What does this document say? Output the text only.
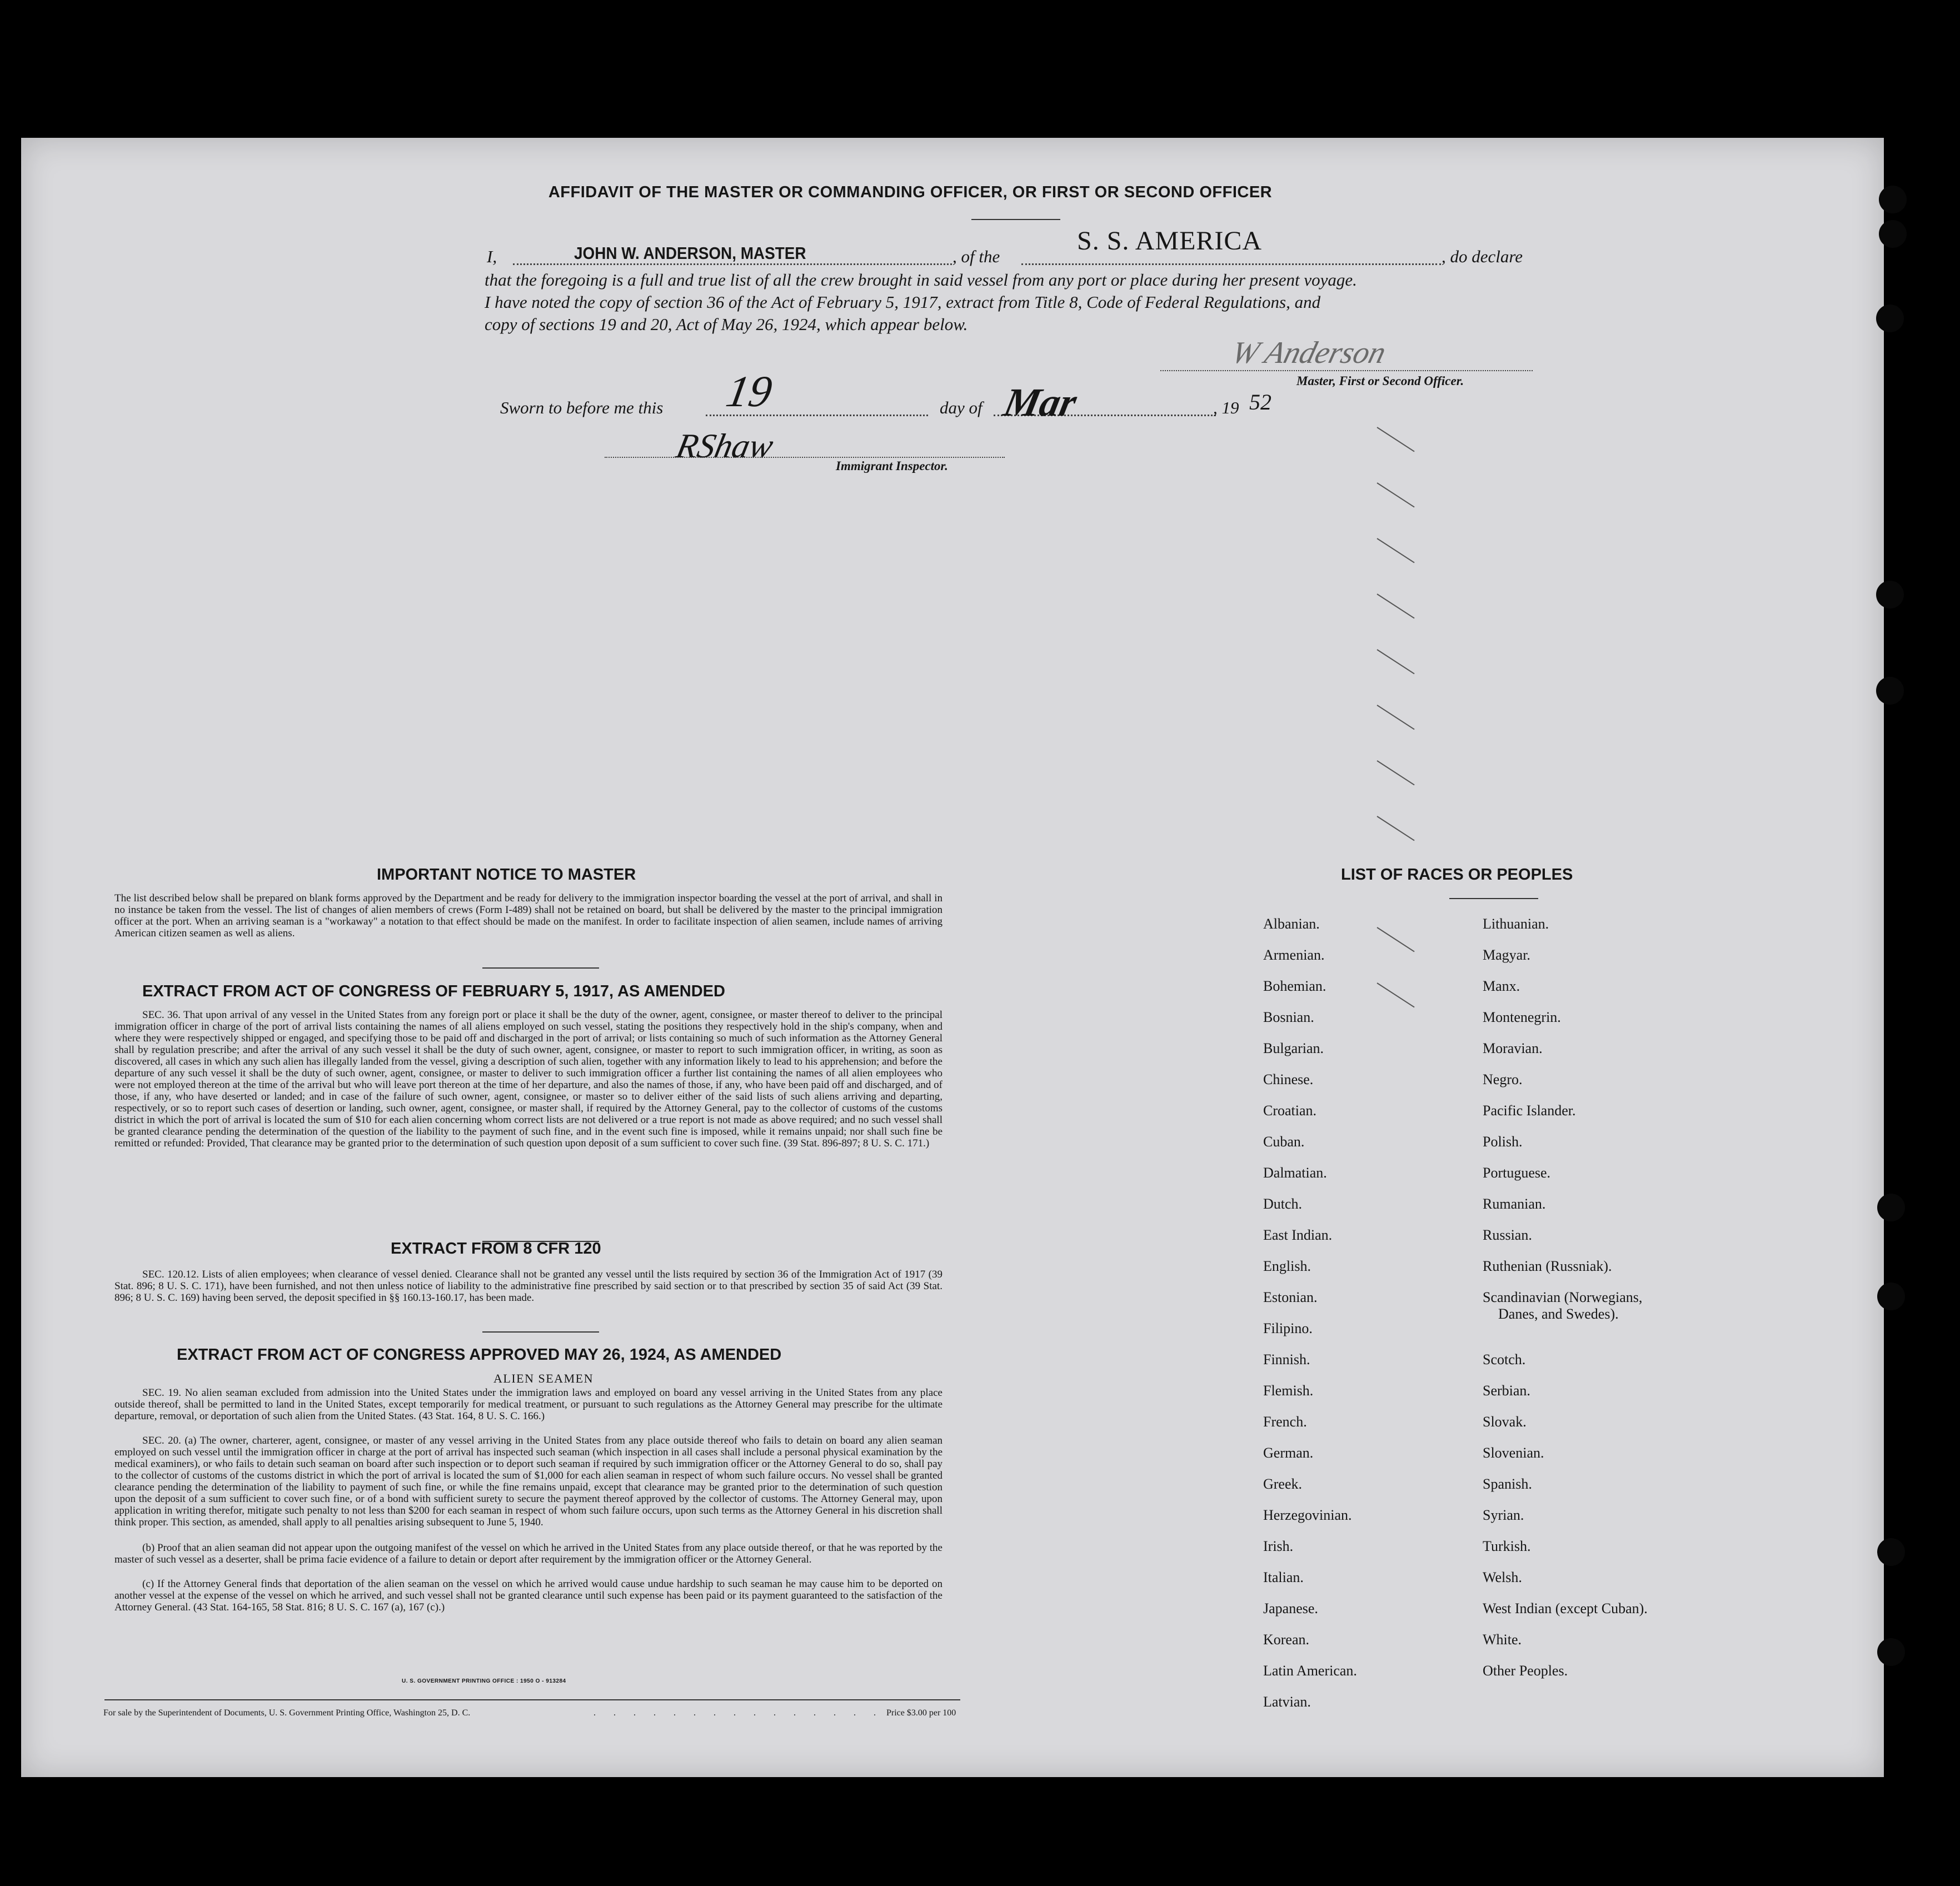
AFFIDAVIT OF THE MASTER OR COMMANDING OFFICER, OR FIRST OR SECOND OFFICER
I,	JOHN W. ANDERSON, MASTER	, of the
S. S. AMERICA
, do declare
that the foregoing is a full and true list of all the crew brought in said vessel from any port or place during her present voyage.
I have noted the copy of section 36 of the Act of February 5, 1917, extract from Title 8, Code of Federal Regulations, and
copy of sections 19 and 20, Act of May 26, 1924, which appear below.
W Anderson
Master, First or Second Officer.
Sworn to before me this 19	day of Mar	, 19 52
RShaw
Immigrant Inspector.
IMPORTANT NOTICE TO MASTER
The list described below shall be prepared on blank forms approved by the Department and be ready for delivery to the immigration inspector boarding the vessel at the port of arrival, and shall in no instance be taken from the vessel. The list of changes of alien members of crews (Form I-489) shall not be retained on board, but shall be delivered by the master to the principal immigration officer at the port. When an arriving seaman is a "workaway" a notation to that effect should be made on the manifest. In order to facilitate inspection of alien seamen, include names of arriving American citizen seamen as well as aliens.
EXTRACT FROM ACT OF CONGRESS OF FEBRUARY 5, 1917, AS AMENDED
SEC. 36. That upon arrival of any vessel in the United States from any foreign port or place it shall be the duty of the owner, agent, consignee, or master thereof to deliver to the principal immigration officer in charge of the port of arrival lists containing the names of all aliens employed on such vessel, stating the positions they respectively hold in the ship's company, when and where they were respectively shipped or engaged, and specifying those to be paid off and discharged in the port of arrival; or lists containing so much of such information as the Attorney General shall by regulation prescribe; and after the arrival of any such vessel it shall be the duty of such owner, agent, consignee, or master to report to such immigration officer, in writing, as soon as discovered, all cases in which any such alien has illegally landed from the vessel, giving a description of such alien, together with any information likely to lead to his apprehension; and before the departure of any such vessel it shall be the duty of such owner, agent, consignee, or master to deliver to such immigration officer a further list containing the names of all alien employees who were not employed thereon at the time of the arrival but who will leave port thereon at the time of her departure, and also the names of those, if any, who have been paid off and discharged, and of those, if any, who have deserted or landed; and in case of the failure of such owner, agent, consignee, or master so to deliver either of the said lists of such aliens arriving and departing, respectively, or so to report such cases of desertion or landing, such owner, agent, consignee, or master shall, if required by the Attorney General, pay to the collector of customs of the customs district in which the port of arrival is located the sum of $10 for each alien concerning whom correct lists are not delivered or a true report is not made as above required; and no such vessel shall be granted clearance pending the determination of the question of the liability to the payment of such fine, and in the event such fine is imposed, while it remains unpaid; nor shall such fine be remitted or refunded: Provided, That clearance may be granted prior to the determination of such question upon deposit of a sum sufficient to cover such fine. (39 Stat. 896-897; 8 U. S. C. 171.)
EXTRACT FROM 8 CFR 120
SEC. 120.12. Lists of alien employees; when clearance of vessel denied. Clearance shall not be granted any vessel until the lists required by section 36 of the Immigration Act of 1917 (39 Stat. 896; 8 U. S. C. 171), have been furnished, and not then unless notice of liability to the administrative fine prescribed by said section or to that prescribed by section 35 of said Act (39 Stat. 896; 8 U. S. C. 169) having been served, the deposit specified in §§ 160.13-160.17, has been made.
EXTRACT FROM ACT OF CONGRESS APPROVED MAY 26, 1924, AS AMENDED
ALIEN SEAMEN
SEC. 19. No alien seaman excluded from admission into the United States under the immigration laws and employed on board any vessel arriving in the United States from any place outside thereof, shall be permitted to land in the United States, except temporarily for medical treatment, or pursuant to such regulations as the Attorney General may prescribe for the ultimate departure, removal, or deportation of such alien from the United States. (43 Stat. 164, 8 U. S. C. 166.)
SEC. 20. (a) The owner, charterer, agent, consignee, or master of any vessel arriving in the United States from any place outside thereof who fails to detain on board any alien seaman employed on such vessel until the immigration officer in charge at the port of arrival has inspected such seaman (which inspection in all cases shall include a personal physical examination by the medical examiners), or who fails to detain such seaman on board after such inspection or to deport such seaman if required by such immigration officer or the Attorney General to do so, shall pay to the collector of customs of the customs district in which the port of arrival is located the sum of $1,000 for each alien seaman in respect of whom such failure occurs. No vessel shall be granted clearance pending the determination of the liability to payment of such fine, or while the fine remains unpaid, except that clearance may be granted prior to the determination of such question upon the deposit of a sum sufficient to cover such fine, or of a bond with sufficient surety to secure the payment thereof approved by the collector of customs. The Attorney General may, upon application in writing therefor, mitigate such penalty to not less than $200 for each seaman in respect of whom such failure occurs, upon such terms as the Attorney General in his discretion shall think proper. This section, as amended, shall apply to all penalties arising subsequent to June 5, 1940.
(b) Proof that an alien seaman did not appear upon the outgoing manifest of the vessel on which he arrived in the United States from any place outside thereof, or that he was reported by the master of such vessel as a deserter, shall be prima facie evidence of a failure to detain or deport after requirement by the immigration officer or the Attorney General.
(c) If the Attorney General finds that deportation of the alien seaman on the vessel on which he arrived would cause undue hardship to such seaman he may cause him to be deported on another vessel at the expense of the vessel on which he arrived, and such vessel shall not be granted clearance until such expense has been paid or its payment guaranteed to the satisfaction of the Attorney General. (43 Stat. 164-165, 58 Stat. 816; 8 U. S. C. 167 (a), 167 (c).)
U. S. GOVERNMENT PRINTING OFFICE : 1950 O - 913284
For sale by the Superintendent of Documents, U. S. Government Printing Office, Washington 25, D. C.	. . . . . . . . . . . . . . . Price $3.00 per 100
LIST OF RACES OR PEOPLES
Albanian.
Armenian.
Bohemian.
Bosnian.
Bulgarian.
Chinese.
Croatian.
Cuban.
Dalmatian.
Dutch.
East Indian.
English.
Estonian.
Filipino.
Finnish.
Flemish.
French.
German.
Greek.
Herzegovinian.
Irish.
Italian.
Japanese.
Korean.
Latin American.
Latvian.
Lithuanian.
Magyar.
Manx.
Montenegrin.
Moravian.
Negro.
Pacific Islander.
Polish.
Portuguese.
Rumanian.
Russian.
Ruthenian (Russniak).
Scandinavian (Norwegians,
Danes, and Swedes).
Scotch.
Serbian.
Slovak.
Slovenian.
Spanish.
Syrian.
Turkish.
Welsh.
West Indian (except Cuban).
White.
Other Peoples.
